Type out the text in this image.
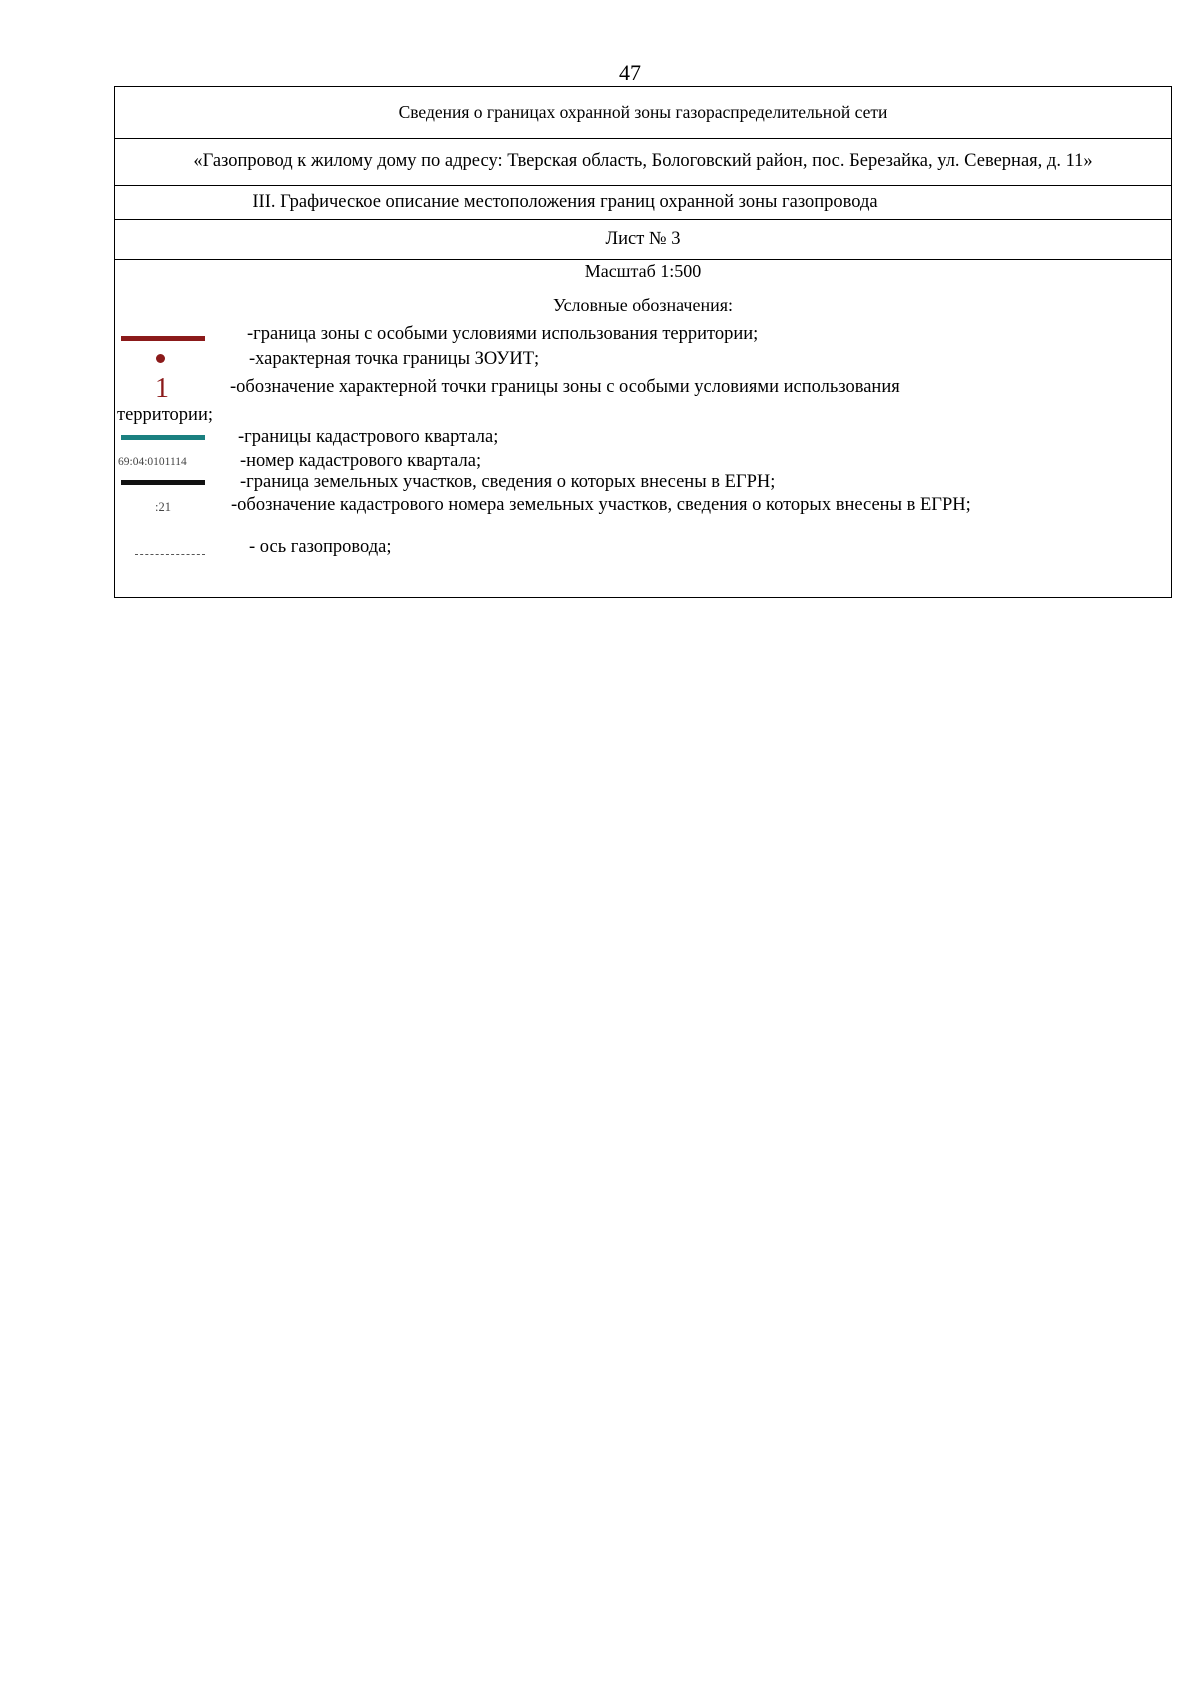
47
Сведения о границах охранной зоны газораспределительной сети
«Газопровод к жилому дому по адресу: Тверская область, Бологовский район, пос. Березайка, ул. Северная, д. 11»
III. Графическое описание местоположения границ охранной зоны газопровода
Лист № 3
Масштаб 1:500
Условные обозначения:
-граница зоны с особыми условиями использования территории;
-характерная точка границы ЗОУИТ;
1	-обозначение характерной точки границы зоны с особыми условиями использования
территории;
-границы кадастрового квартала;
69:04:0101114	-номер кадастрового квартала;
-граница земельных участков, сведения о которых внесены в ЕГРН;
:21	-обозначение кадастрового номера земельных участков, сведения о которых внесены в ЕГРН;
- ось газопровода;
